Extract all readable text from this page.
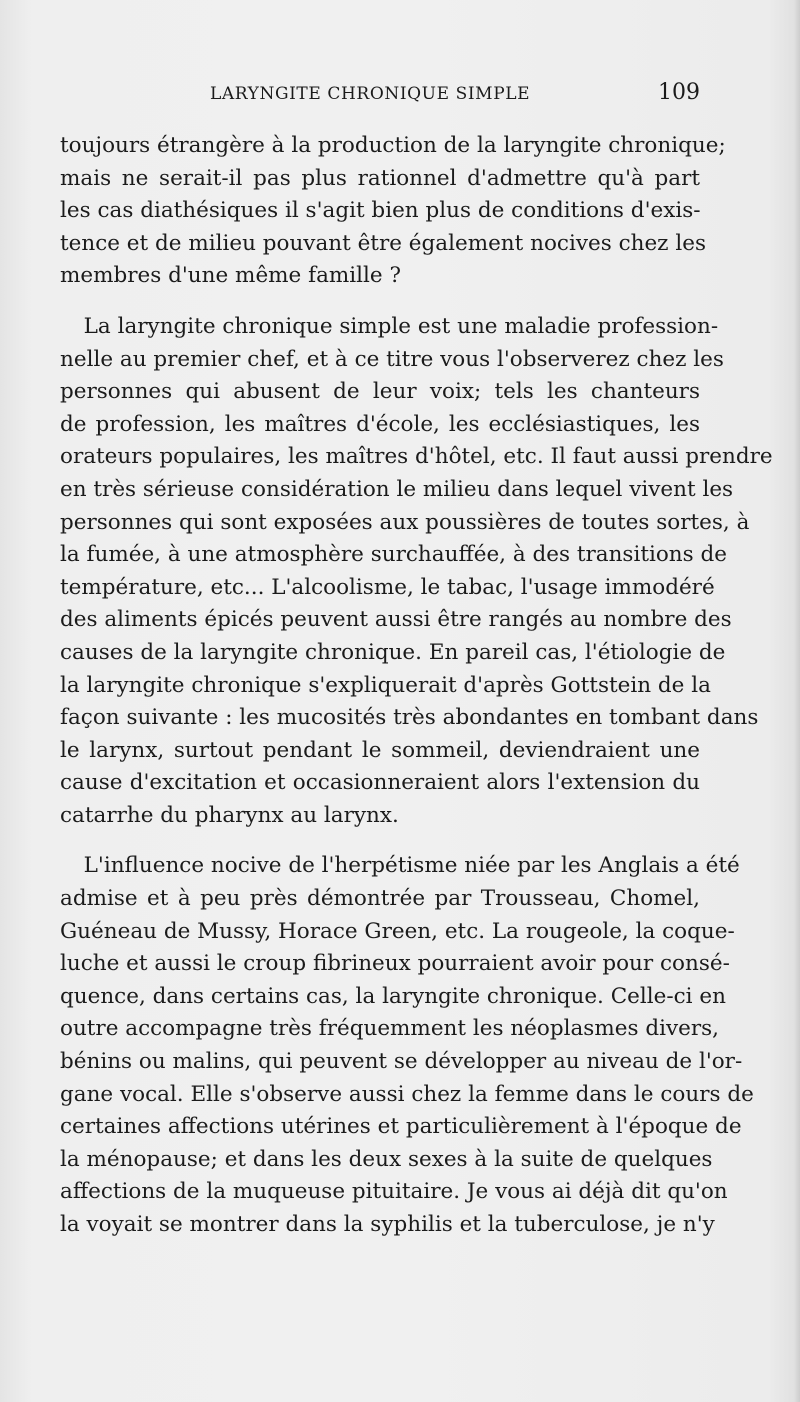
LARYNGITE CHRONIQUE SIMPLE	109
toujours étrangère à la production de la laryngite chronique;
mais ne serait-il pas plus rationnel d'admettre qu'à part
les cas diathésiques il s'agit bien plus de conditions d'exis-
tence et de milieu pouvant être également nocives chez les
membres d'une même famille ?
La laryngite chronique simple est une maladie profession-
nelle au premier chef, et à ce titre vous l'observerez chez les
personnes qui abusent de leur voix; tels les chanteurs
de profession, les maîtres d'école, les ecclésiastiques, les
orateurs populaires, les maîtres d'hôtel, etc. Il faut aussi prendre
en très sérieuse considération le milieu dans lequel vivent les
personnes qui sont exposées aux poussières de toutes sortes, à
la fumée, à une atmosphère surchauffée, à des transitions de
température, etc... L'alcoolisme, le tabac, l'usage immodéré
des aliments épicés peuvent aussi être rangés au nombre des
causes de la laryngite chronique. En pareil cas, l'étiologie de
la laryngite chronique s'expliquerait d'après Gottstein de la
façon suivante : les mucosités très abondantes en tombant dans
le larynx, surtout pendant le sommeil, deviendraient une
cause d'excitation et occasionneraient alors l'extension du
catarrhe du pharynx au larynx.
L'influence nocive de l'herpétisme niée par les Anglais a été
admise et à peu près démontrée par Trousseau, Chomel,
Guéneau de Mussy, Horace Green, etc. La rougeole, la coque-
luche et aussi le croup fibrineux pourraient avoir pour consé-
quence, dans certains cas, la laryngite chronique. Celle-ci en
outre accompagne très fréquemment les néoplasmes divers,
bénins ou malins, qui peuvent se développer au niveau de l'or-
gane vocal. Elle s'observe aussi chez la femme dans le cours de
certaines affections utérines et particulièrement à l'époque de
la ménopause; et dans les deux sexes à la suite de quelques
affections de la muqueuse pituitaire. Je vous ai déjà dit qu'on
la voyait se montrer dans la syphilis et la tuberculose, je n'y
